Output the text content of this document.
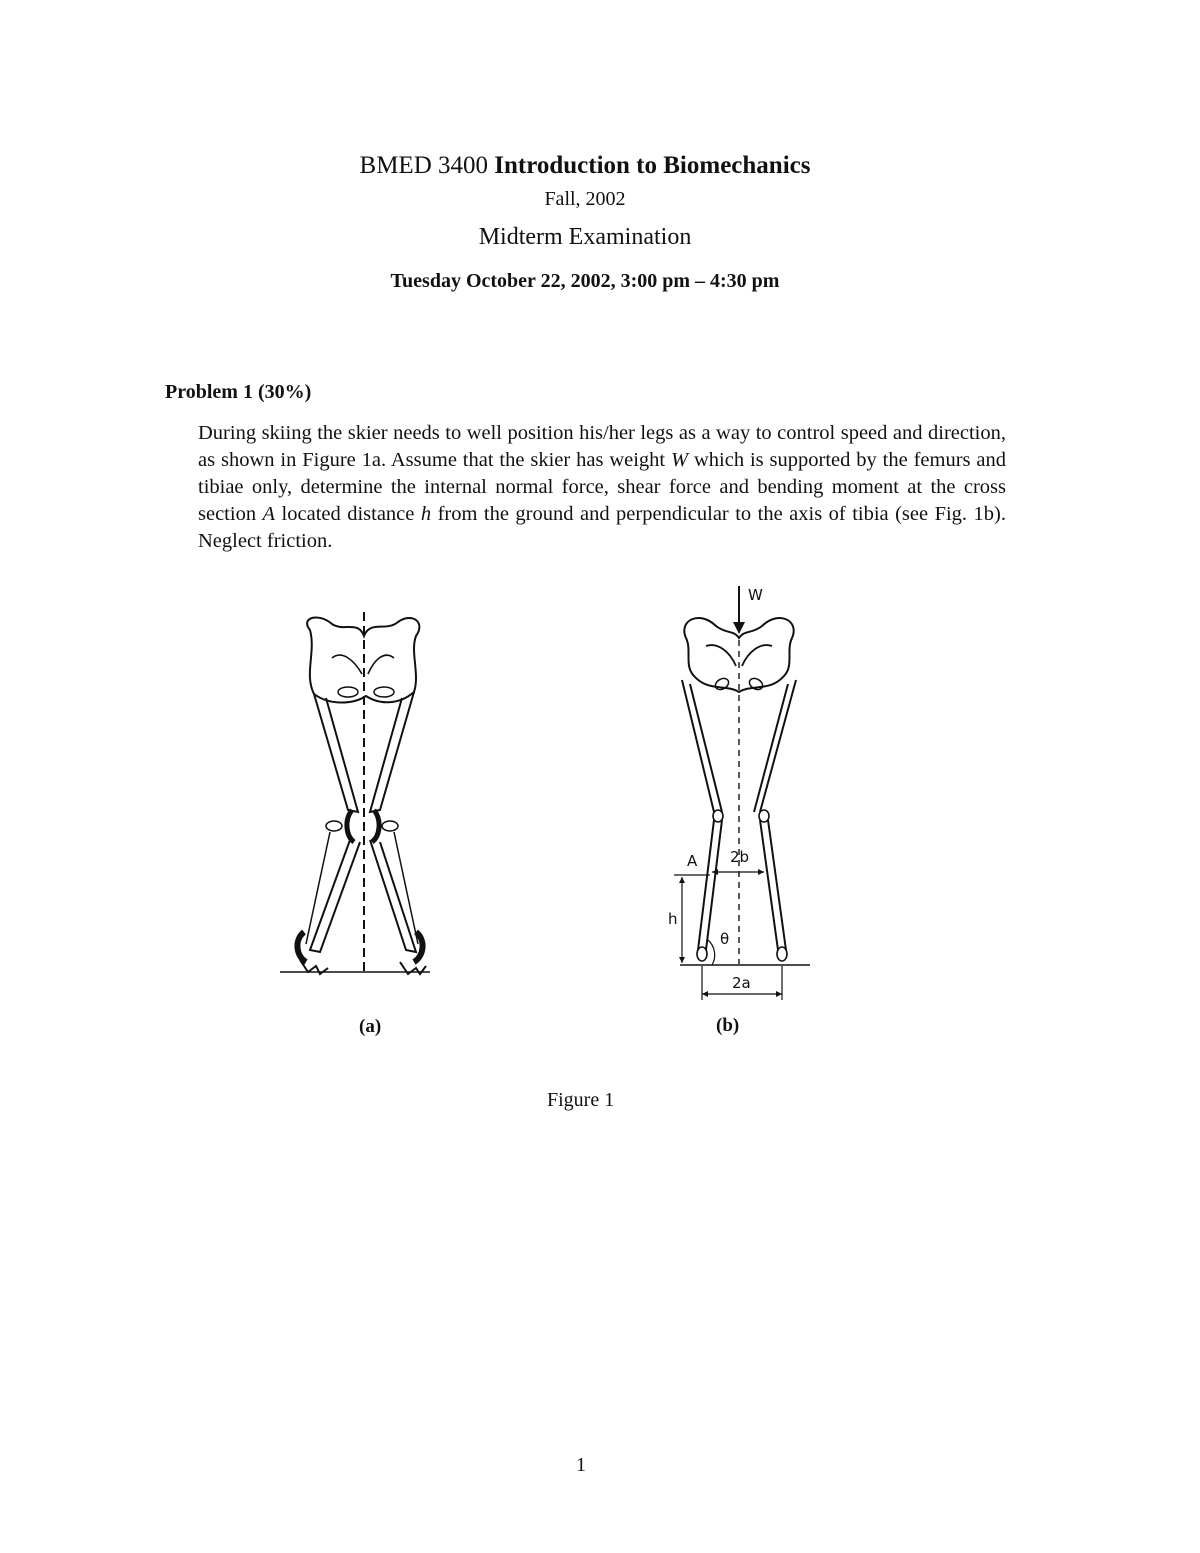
BMED 3400 Introduction to Biomechanics
Fall, 2002
Midterm Examination
Tuesday October 22, 2002, 3:00 pm – 4:30 pm
Problem 1 (30%)

During skiing the skier needs to well position his/her legs as a way to control speed and direction, as shown in Figure 1a. Assume that the skier has weight W which is supported by the femurs and tibiae only, determine the internal normal force, shear force and bending moment at the cross section A located distance h from the ground and perpendicular to the axis of tibia (see Fig. 1b). Neglect friction.

W
2b
A
h
θ
2a
(a)	(b)
Figure 1
1
